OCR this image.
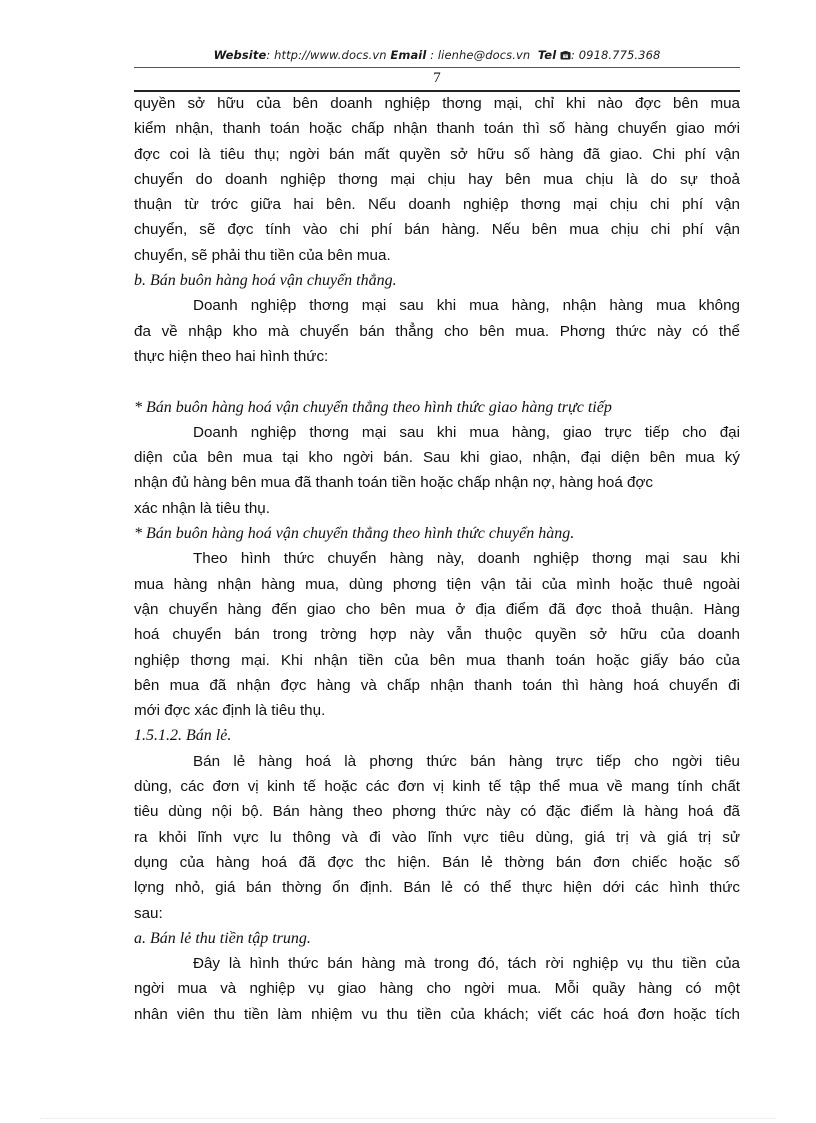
Website: http://www.docs.vn Email : lienhe@docs.vn Tel : 0918.775.368
7
quyền sở hữu của bên doanh nghiệp thơng mại, chỉ khi nào đợc bên mua
kiểm nhận, thanh toán hoặc chấp nhận thanh toán thì số hàng chuyển giao mới
đợc coi là tiêu thụ; ngời bán mất quyền sở hữu số hàng đã giao. Chi phí vận
chuyển do doanh nghiệp thơng mại chịu hay bên mua chịu là do sự thoả
thuận từ trớc giữa hai bên. Nếu doanh nghiệp thơng mại chịu chi phí vận
chuyển, sẽ đợc tính vào chi phí bán hàng. Nếu bên mua chịu chi phí vận
chuyển, sẽ phải thu tiền của bên mua.
b. Bán buôn hàng hoá vận chuyển thẳng.
Doanh nghiệp thơng mại sau khi mua hàng, nhận hàng mua không
đa về nhập kho mà chuyển bán thẳng cho bên mua. Phơng thức này có thể
thực hiện theo hai hình thức:
* Bán buôn hàng hoá vận chuyển thẳng theo hình thức giao hàng trực tiếp
Doanh nghiệp thơng mại sau khi mua hàng, giao trực tiếp cho đại
diện của bên mua tại kho ngời bán. Sau khi giao, nhận, đại diện bên mua ký
nhận đủ hàng bên mua đã thanh toán tiền hoặc chấp nhận nợ, hàng hoá đợc
xác nhận là tiêu thụ.
* Bán buôn hàng hoá vận chuyển thẳng theo hình thức chuyển hàng.
Theo hình thức chuyển hàng này, doanh nghiệp thơng mại sau khi
mua hàng nhận hàng mua, dùng phơng tiện vận tải của mình hoặc thuê ngoài
vận chuyển hàng đến giao cho bên mua ở địa điểm đã đợc thoả thuận. Hàng
hoá chuyển bán trong trờng hợp này vẫn thuộc quyền sở hữu của doanh
nghiệp thơng mại. Khi nhận tiền của bên mua thanh toán hoặc giấy báo của
bên mua đã nhận đợc hàng và chấp nhận thanh toán thì hàng hoá chuyển đi
mới đợc xác định là tiêu thụ.
1.5.1.2. Bán lẻ.
Bán lẻ hàng hoá là phơng thức bán hàng trực tiếp cho ngời tiêu
dùng, các đơn vị kinh tế hoặc các đơn vị kinh tế tập thể mua về mang tính chất
tiêu dùng nội bộ. Bán hàng theo phơng thức này có đặc điểm là hàng hoá đã
ra khỏi lĩnh vực lu thông và đi vào lĩnh vực tiêu dùng, giá trị và giá trị sử
dụng của hàng hoá đã đợc thc hiện. Bán lẻ thờng bán đơn chiếc hoặc số
lợng nhỏ, giá bán thờng ổn định. Bán lẻ có thể thực hiện dới các hình thức
sau:
a. Bán lẻ thu tiền tập trung.
Đây là hình thức bán hàng mà trong đó, tách rời nghiệp vụ thu tiền của
ngời mua và nghiệp vụ giao hàng cho ngời mua. Mỗi quầy hàng có một
nhân viên thu tiền làm nhiệm vu thu tiền của khách; viết các hoá đơn hoặc tích
